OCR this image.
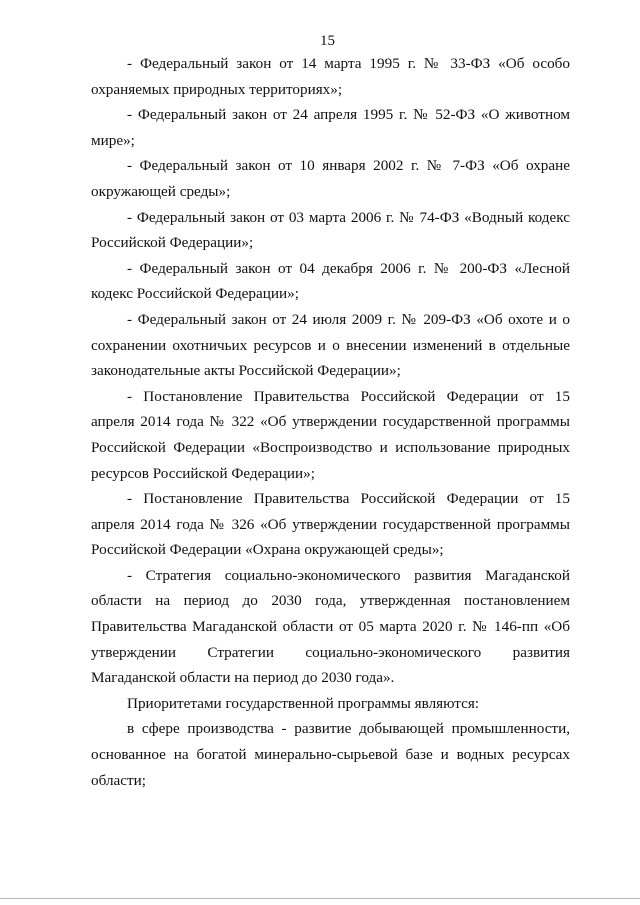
15

- Федеральный закон от 14 марта 1995 г. № 33-ФЗ «Об особо охраняемых природных территориях»;

- Федеральный закон от 24 апреля 1995 г. № 52-ФЗ «О животном мире»;

- Федеральный закон от 10 января 2002 г. № 7-ФЗ «Об охране окружающей среды»;

- Федеральный закон от 03 марта 2006 г. № 74-ФЗ «Водный кодекс Российской Федерации»;

- Федеральный закон от 04 декабря 2006 г. № 200-ФЗ «Лесной кодекс Российской Федерации»;

- Федеральный закон от 24 июля 2009 г. № 209-ФЗ «Об охоте и о сохранении охотничьих ресурсов и о внесении изменений в отдельные законодательные акты Российской Федерации»;

- Постановление Правительства Российской Федерации от 15 апреля 2014 года № 322 «Об утверждении государственной программы Российской Федерации «Воспроизводство и использование природных ресурсов Российской Федерации»;

- Постановление Правительства Российской Федерации от 15 апреля 2014 года № 326 «Об утверждении государственной программы Российской Федерации «Охрана окружающей среды»;

- Стратегия социально-экономического развития Магаданской области на период до 2030 года, утвержденная постановлением Правительства Магаданской области от 05 марта 2020 г. № 146-пп «Об утверждении Стратегии социально-экономического развития Магаданской области на период до 2030 года».

Приоритетами государственной программы являются:

в сфере производства - развитие добывающей промышленности, основанное на богатой минерально-сырьевой базе и водных ресурсах области;
